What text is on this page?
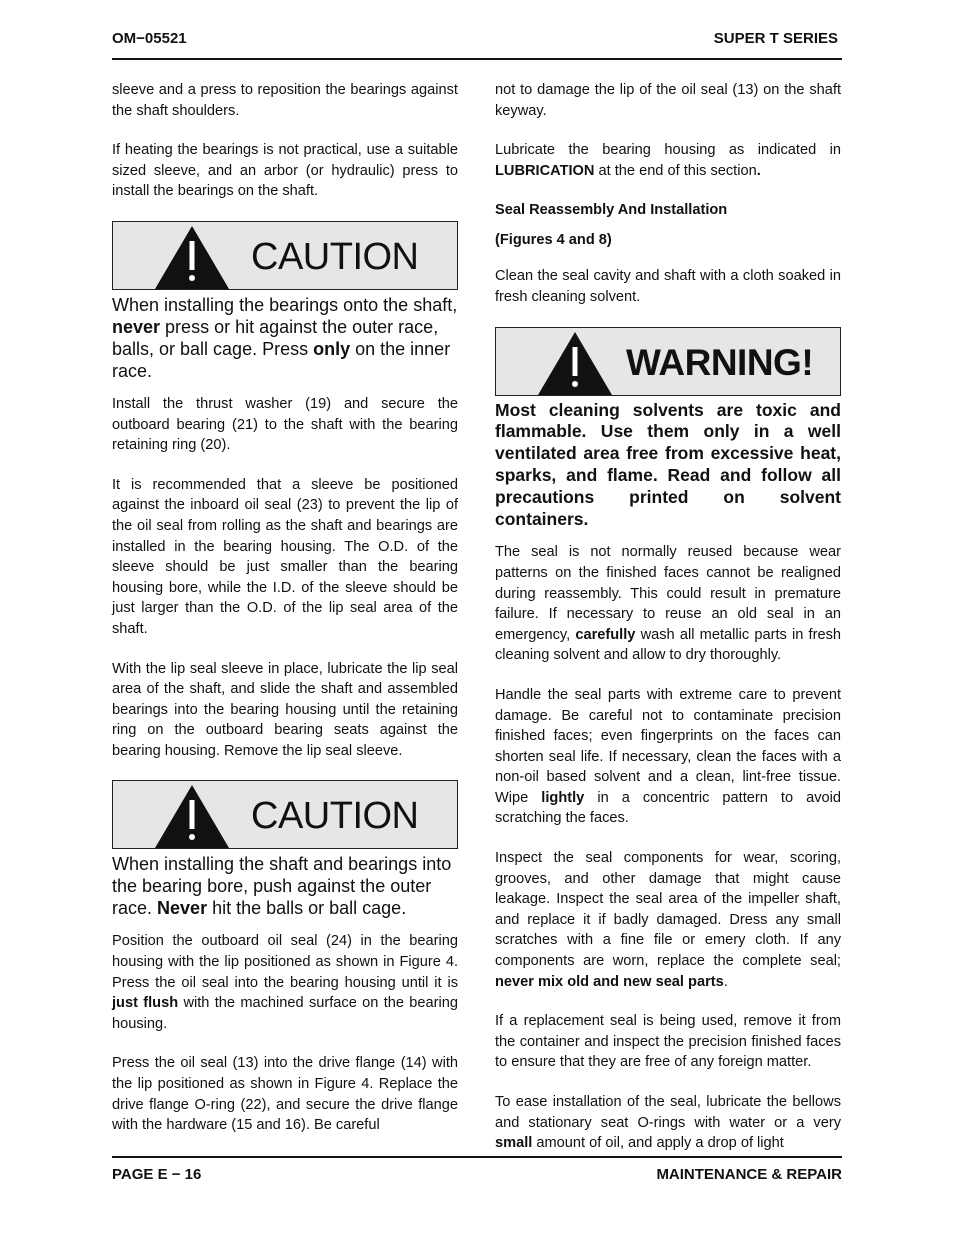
OM−05521	SUPER T SERIES

sleeve and a press to reposition the bearings against the shaft shoulders.

If heating the bearings is not practical, use a suitable sized sleeve, and an arbor (or hydraulic) press to install the bearings on the shaft.

CAUTION

When installing the bearings onto the shaft, never press or hit against the outer race, balls, or ball cage. Press only on the inner race.

Install the thrust washer (19) and secure the outboard bearing (21) to the shaft with the bearing retaining ring (20).

It is recommended that a sleeve be positioned against the inboard oil seal (23) to prevent the lip of the oil seal from rolling as the shaft and bearings are installed in the bearing housing. The O.D. of the sleeve should be just smaller than the bearing housing bore, while the I.D. of the sleeve should be just larger than the O.D. of the lip seal area of the shaft.

With the lip seal sleeve in place, lubricate the lip seal area of the shaft, and slide the shaft and assembled bearings into the bearing housing until the retaining ring on the outboard bearing seats against the bearing housing. Remove the lip seal sleeve.

CAUTION

When installing the shaft and bearings into the bearing bore, push against the outer race. Never hit the balls or ball cage.

Position the outboard oil seal (24) in the bearing housing with the lip positioned as shown in Figure 4. Press the oil seal into the bearing housing until it is just flush with the machined surface on the bearing housing.

Press the oil seal (13) into the drive flange (14) with the lip positioned as shown in Figure 4. Replace the drive flange O-ring (22), and secure the drive flange with the hardware (15 and 16). Be careful

not to damage the lip of the oil seal (13) on the shaft keyway.

Lubricate the bearing housing as indicated in LUBRICATION at the end of this section.

Seal Reassembly And Installation
(Figures 4 and 8)

Clean the seal cavity and shaft with a cloth soaked in fresh cleaning solvent.

WARNING!

Most cleaning solvents are toxic and flammable. Use them only in a well ventilated area free from excessive heat, sparks, and flame. Read and follow all precautions printed on solvent containers.

The seal is not normally reused because wear patterns on the finished faces cannot be realigned during reassembly. This could result in premature failure. If necessary to reuse an old seal in an emergency, carefully wash all metallic parts in fresh cleaning solvent and allow to dry thoroughly.

Handle the seal parts with extreme care to prevent damage. Be careful not to contaminate precision finished faces; even fingerprints on the faces can shorten seal life. If necessary, clean the faces with a non-oil based solvent and a clean, lint-free tissue. Wipe lightly in a concentric pattern to avoid scratching the faces.

Inspect the seal components for wear, scoring, grooves, and other damage that might cause leakage. Inspect the seal area of the impeller shaft, and replace it if badly damaged. Dress any small scratches with a fine file or emery cloth. If any components are worn, replace the complete seal; never mix old and new seal parts.

If a replacement seal is being used, remove it from the container and inspect the precision finished faces to ensure that they are free of any foreign matter.

To ease installation of the seal, lubricate the bellows and stationary seat O-rings with water or a very small amount of oil, and apply a drop of light

PAGE E − 16	MAINTENANCE & REPAIR
